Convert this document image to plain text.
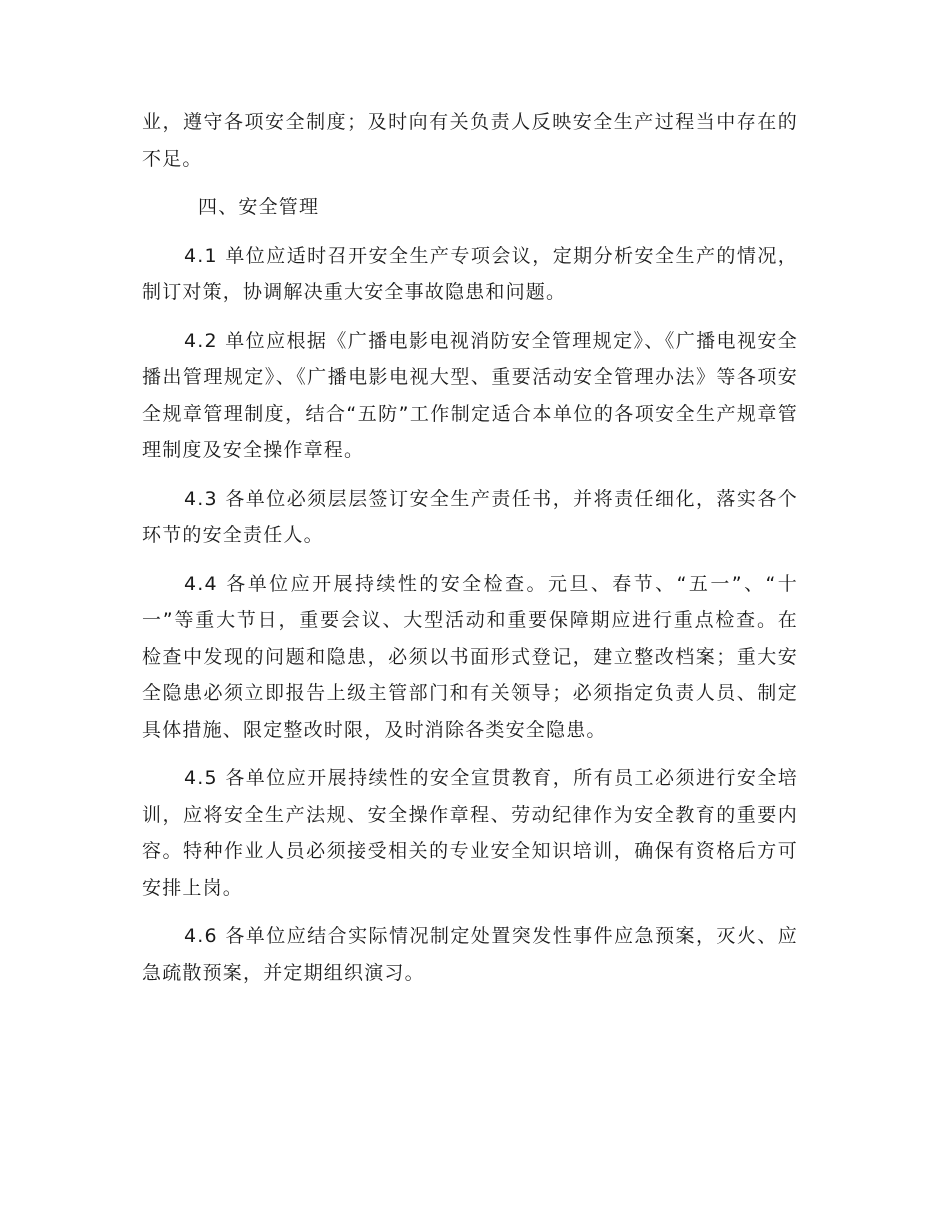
业，遵守各项安全制度；及时向有关负责人反映安全生产过程当中存在的不足。

四、安全管理

4.1 单位应适时召开安全生产专项会议，定期分析安全生产的情况，制订对策，协调解决重大安全事故隐患和问题。

4.2 单位应根据《广播电影电视消防安全管理规定》、《广播电视安全播出管理规定》、《广播电影电视大型、重要活动安全管理办法》等各项安全规章管理制度，结合“五防”工作制定适合本单位的各项安全生产规章管理制度及安全操作章程。

4.3 各单位必须层层签订安全生产责任书，并将责任细化，落实各个环节的安全责任人。

4.4 各单位应开展持续性的安全检查。元旦、春节、“五一”、“十一”等重大节日，重要会议、大型活动和重要保障期应进行重点检查。在检查中发现的问题和隐患，必须以书面形式登记，建立整改档案；重大安全隐患必须立即报告上级主管部门和有关领导；必须指定负责人员、制定具体措施、限定整改时限，及时消除各类安全隐患。

4.5 各单位应开展持续性的安全宣贯教育，所有员工必须进行安全培训，应将安全生产法规、安全操作章程、劳动纪律作为安全教育的重要内容。特种作业人员必须接受相关的专业安全知识培训，确保有资格后方可安排上岗。

4.6 各单位应结合实际情况制定处置突发性事件应急预案，灭火、应急疏散预案，并定期组织演习。
